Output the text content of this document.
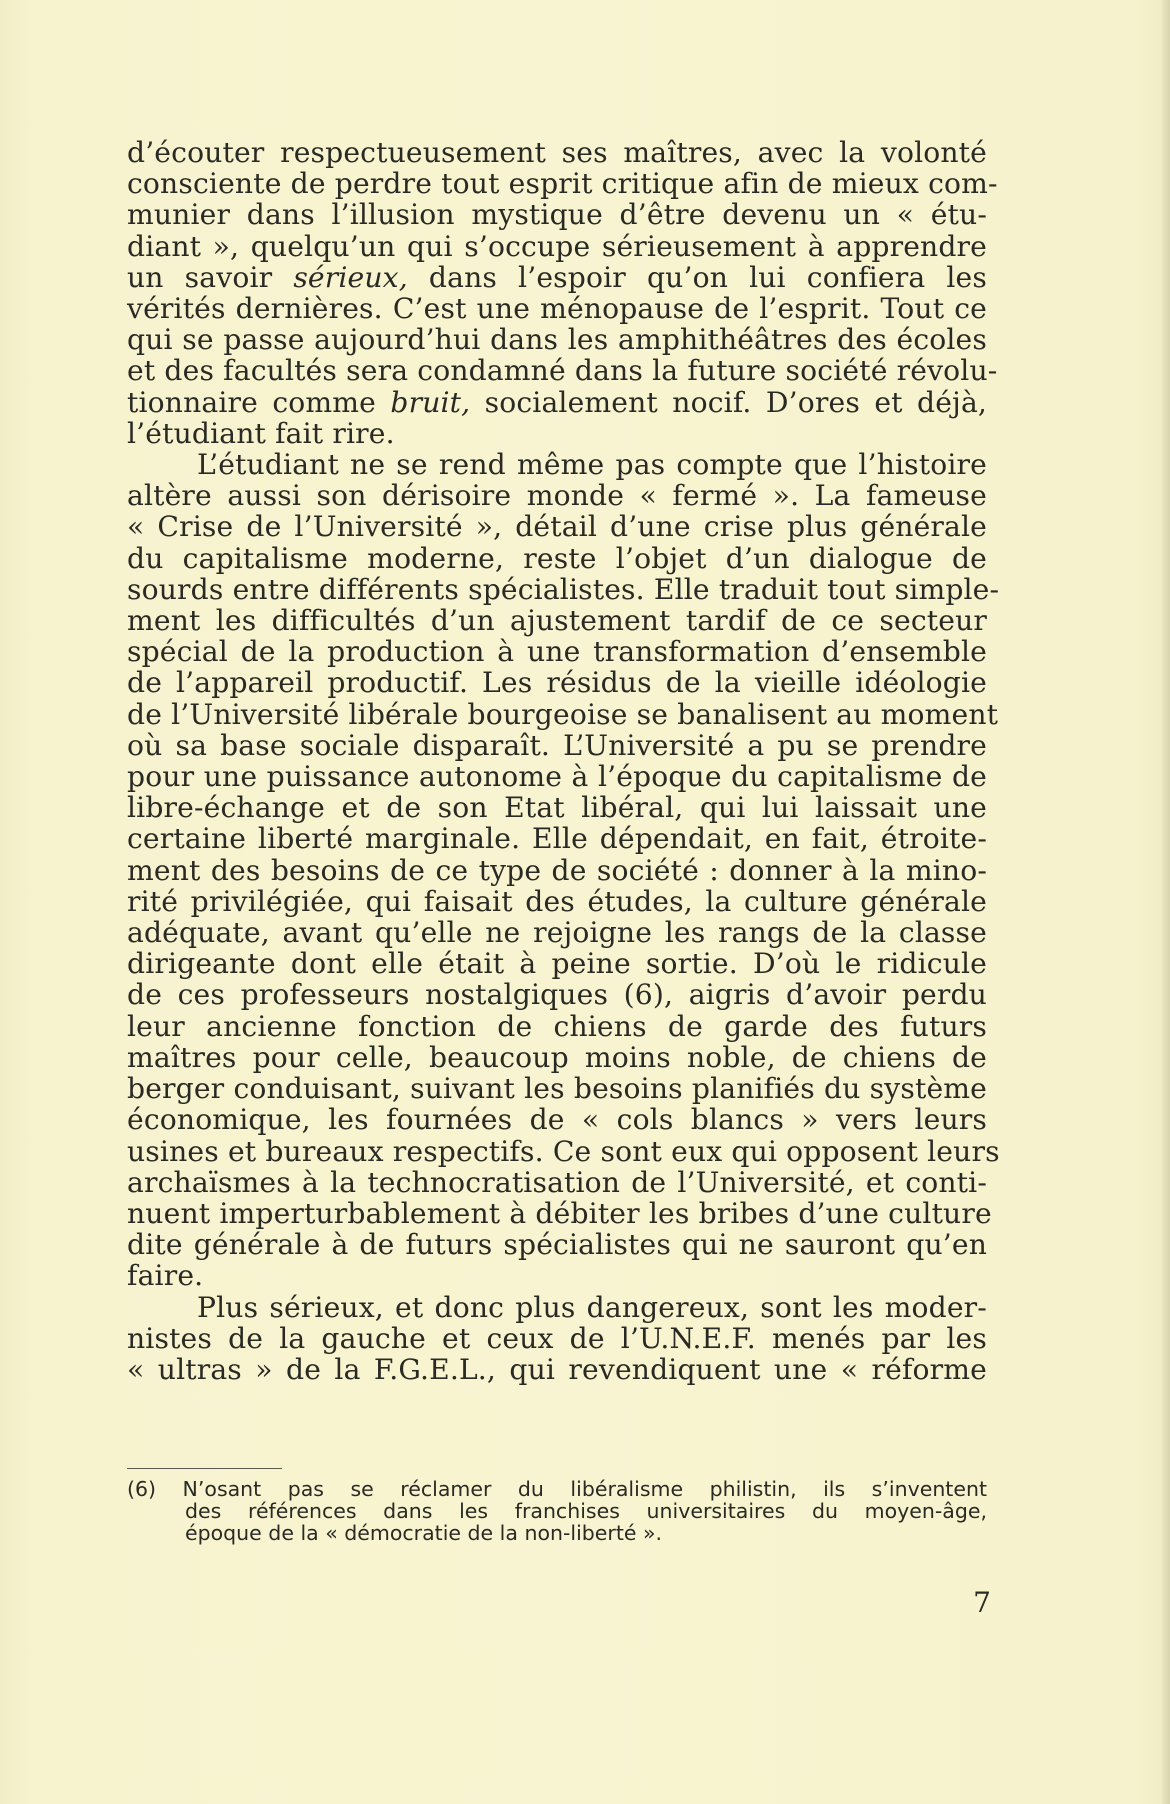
d’écouter respectueusement ses maîtres, avec la volonté
consciente de perdre tout esprit critique afin de mieux com-
munier dans l’illusion mystique d’être devenu un « étu-
diant », quelqu’un qui s’occupe sérieusement à apprendre
un savoir sérieux, dans l’espoir qu’on lui confiera les
vérités dernières. C’est une ménopause de l’esprit. Tout ce
qui se passe aujourd’hui dans les amphithéâtres des écoles
et des facultés sera condamné dans la future société révolu-
tionnaire comme bruit, socialement nocif. D’ores et déjà,
l’étudiant fait rire.

L’étudiant ne se rend même pas compte que l’histoire
altère aussi son dérisoire monde « fermé ». La fameuse
« Crise de l’Université », détail d’une crise plus générale
du capitalisme moderne, reste l’objet d’un dialogue de
sourds entre différents spécialistes. Elle traduit tout simple-
ment les difficultés d’un ajustement tardif de ce secteur
spécial de la production à une transformation d’ensemble
de l’appareil productif. Les résidus de la vieille idéologie
de l’Université libérale bourgeoise se banalisent au moment
où sa base sociale disparaît. L’Université a pu se prendre
pour une puissance autonome à l’époque du capitalisme de
libre-échange et de son Etat libéral, qui lui laissait une
certaine liberté marginale. Elle dépendait, en fait, étroite-
ment des besoins de ce type de société : donner à la mino-
rité privilégiée, qui faisait des études, la culture générale
adéquate, avant qu’elle ne rejoigne les rangs de la classe
dirigeante dont elle était à peine sortie. D’où le ridicule
de ces professeurs nostalgiques (6), aigris d’avoir perdu
leur ancienne fonction de chiens de garde des futurs
maîtres pour celle, beaucoup moins noble, de chiens de
berger conduisant, suivant les besoins planifiés du système
économique, les fournées de « cols blancs » vers leurs
usines et bureaux respectifs. Ce sont eux qui opposent leurs
archaïsmes à la technocratisation de l’Université, et conti-
nuent imperturbablement à débiter les bribes d’une culture
dite générale à de futurs spécialistes qui ne sauront qu’en
faire.

Plus sérieux, et donc plus dangereux, sont les moder-
nistes de la gauche et ceux de l’U.N.E.F. menés par les
« ultras » de la F.G.E.L., qui revendiquent une « réforme

(6) N’osant pas se réclamer du libéralisme philistin, ils s’inventent
des références dans les franchises universitaires du moyen-âge,
époque de la « démocratie de la non-liberté ».
7
